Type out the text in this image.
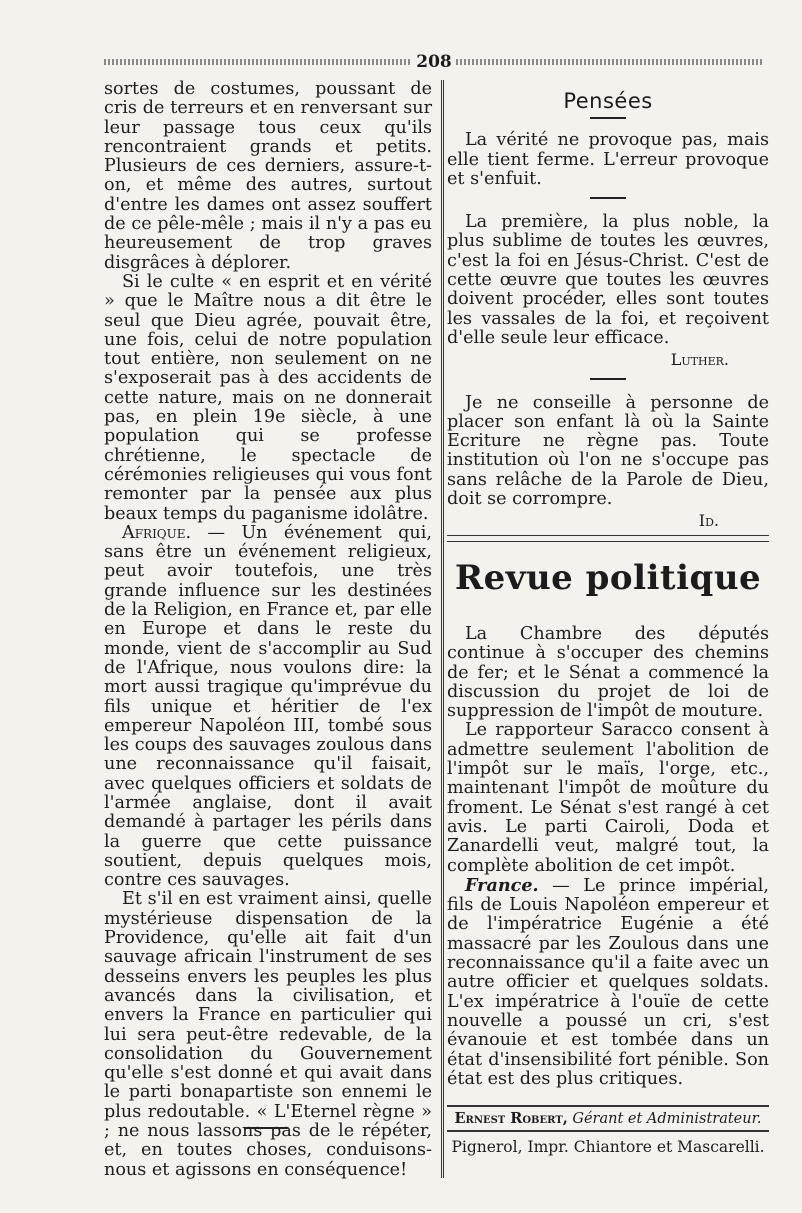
208

sortes de costumes, poussant de cris de terreurs et en renversant sur leur passage tous ceux qu'ils rencontraient grands et petits. Plusieurs de ces derniers, assure-t-on, et même des autres, surtout d'entre les dames ont assez souffert de ce pêle-mêle ; mais il n'y a pas eu heureusement de trop graves disgrâces à déplorer.

Si le culte « en esprit et en vérité » que le Maître nous a dit être le seul que Dieu agrée, pouvait être, une fois, celui de notre population tout entière, non seulement on ne s'exposerait pas à des accidents de cette nature, mais on ne donnerait pas, en plein 19e siècle, à une population qui se professe chrétienne, le spectacle de cérémonies religieuses qui vous font remonter par la pensée aux plus beaux temps du paganisme idolâtre.

Afrique. — Un événement qui, sans être un événement religieux, peut avoir toutefois, une très grande influence sur les destinées de la Religion, en France et, par elle en Europe et dans le reste du monde, vient de s'accomplir au Sud de l'Afrique, nous voulons dire: la mort aussi tragique qu'imprévue du fils unique et héritier de l'ex empereur Napoléon III, tombé sous les coups des sauvages zoulous dans une reconnaissance qu'il faisait, avec quelques officiers et soldats de l'armée anglaise, dont il avait demandé à partager les périls dans la guerre que cette puissance soutient, depuis quelques mois, contre ces sauvages.

Et s'il en est vraiment ainsi, quelle mystérieuse dispensation de la Providence, qu'elle ait fait d'un sauvage africain l'instrument de ses desseins envers les peuples les plus avancés dans la civilisation, et envers la France en particulier qui lui sera peut-être redevable, de la consolidation du Gouvernement qu'elle s'est donné et qui avait dans le parti bonapartiste son ennemi le plus redoutable. « L'Eternel règne » ; ne nous lassons pas de le répéter, et, en toutes choses, conduisons-nous et agissons en conséquence!

Pensées

La vérité ne provoque pas, mais elle tient ferme. L'erreur provoque et s'enfuit.

La première, la plus noble, la plus sublime de toutes les œuvres, c'est la foi en Jésus-Christ. C'est de cette œuvre que toutes les œuvres doivent procéder, elles sont toutes les vassales de la foi, et reçoivent d'elle seule leur efficace.

Luther.

Je ne conseille à personne de placer son enfant là où la Sainte Ecriture ne règne pas. Toute institution où l'on ne s'occupe pas sans relâche de la Parole de Dieu, doit se corrompre.

Id.
Revue politique

La Chambre des députés continue à s'occuper des chemins de fer; et le Sénat a commencé la discussion du projet de loi de suppression de l'impôt de mouture.

Le rapporteur Saracco consent à admettre seulement l'abolition de l'impôt sur le maïs, l'orge, etc., maintenant l'impôt de moûture du froment. Le Sénat s'est rangé à cet avis. Le parti Cairoli, Doda et Zanardelli veut, malgré tout, la complète abolition de cet impôt.

France. — Le prince impérial, fils de Louis Napoléon empereur et de l'impératrice Eugénie a été massacré par les Zoulous dans une reconnaissance qu'il a faite avec un autre officier et quelques soldats. L'ex impératrice à l'ouïe de cette nouvelle a poussé un cri, s'est évanouie et est tombée dans un état d'insensibilité fort pénible. Son état est des plus critiques.

Ernest Robert, Gérant et Administrateur.
Pignerol, Impr. Chiantore et Mascarelli.
